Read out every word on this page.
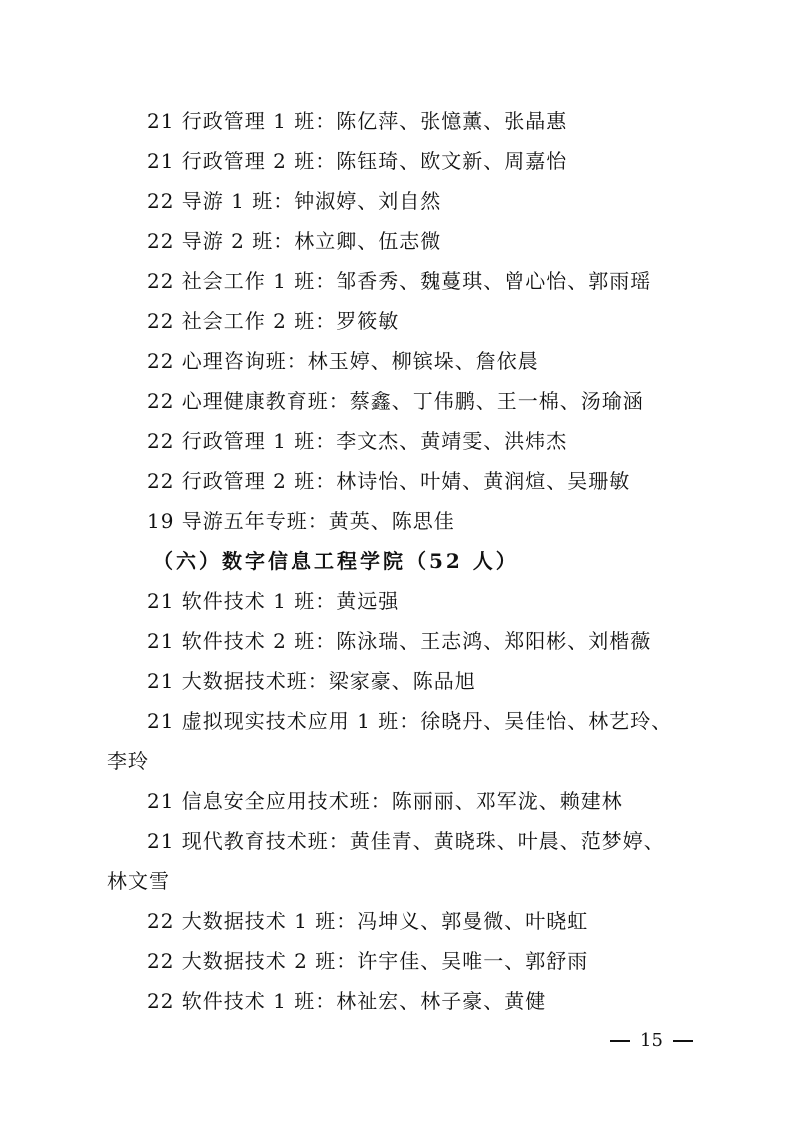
21 行政管理 1 班：陈亿萍、张憶薰、张晶惠
21 行政管理 2 班：陈钰琦、欧文新、周嘉怡
22 导游 1 班：钟淑婷、刘自然
22 导游 2 班：林立卿、伍志微
22 社会工作 1 班：邹香秀、魏蔓琪、曾心怡、郭雨瑶
22 社会工作 2 班：罗筱敏
22 心理咨询班：林玉婷、柳镔垛、詹依晨
22 心理健康教育班：蔡鑫、丁伟鹏、王一棉、汤瑜涵
22 行政管理 1 班：李文杰、黄靖雯、洪炜杰
22 行政管理 2 班：林诗怡、叶婧、黄润煊、吴珊敏
19 导游五年专班：黄英、陈思佳
（六）数字信息工程学院（52 人）
21 软件技术 1 班：黄远强
21 软件技术 2 班：陈泳瑞、王志鸿、郑阳彬、刘楷薇
21 大数据技术班：梁家豪、陈品旭
21 虚拟现实技术应用 1 班：徐晓丹、吴佳怡、林艺玲、
李玲
21 信息安全应用技术班：陈丽丽、邓军泷、赖建林
21 现代教育技术班：黄佳青、黄晓珠、叶晨、范梦婷、
林文雪
22 大数据技术 1 班：冯坤义、郭曼微、叶晓虹
22 大数据技术 2 班：许宇佳、吴唯一、郭舒雨
22 软件技术 1 班：林祉宏、林子豪、黄健
15
